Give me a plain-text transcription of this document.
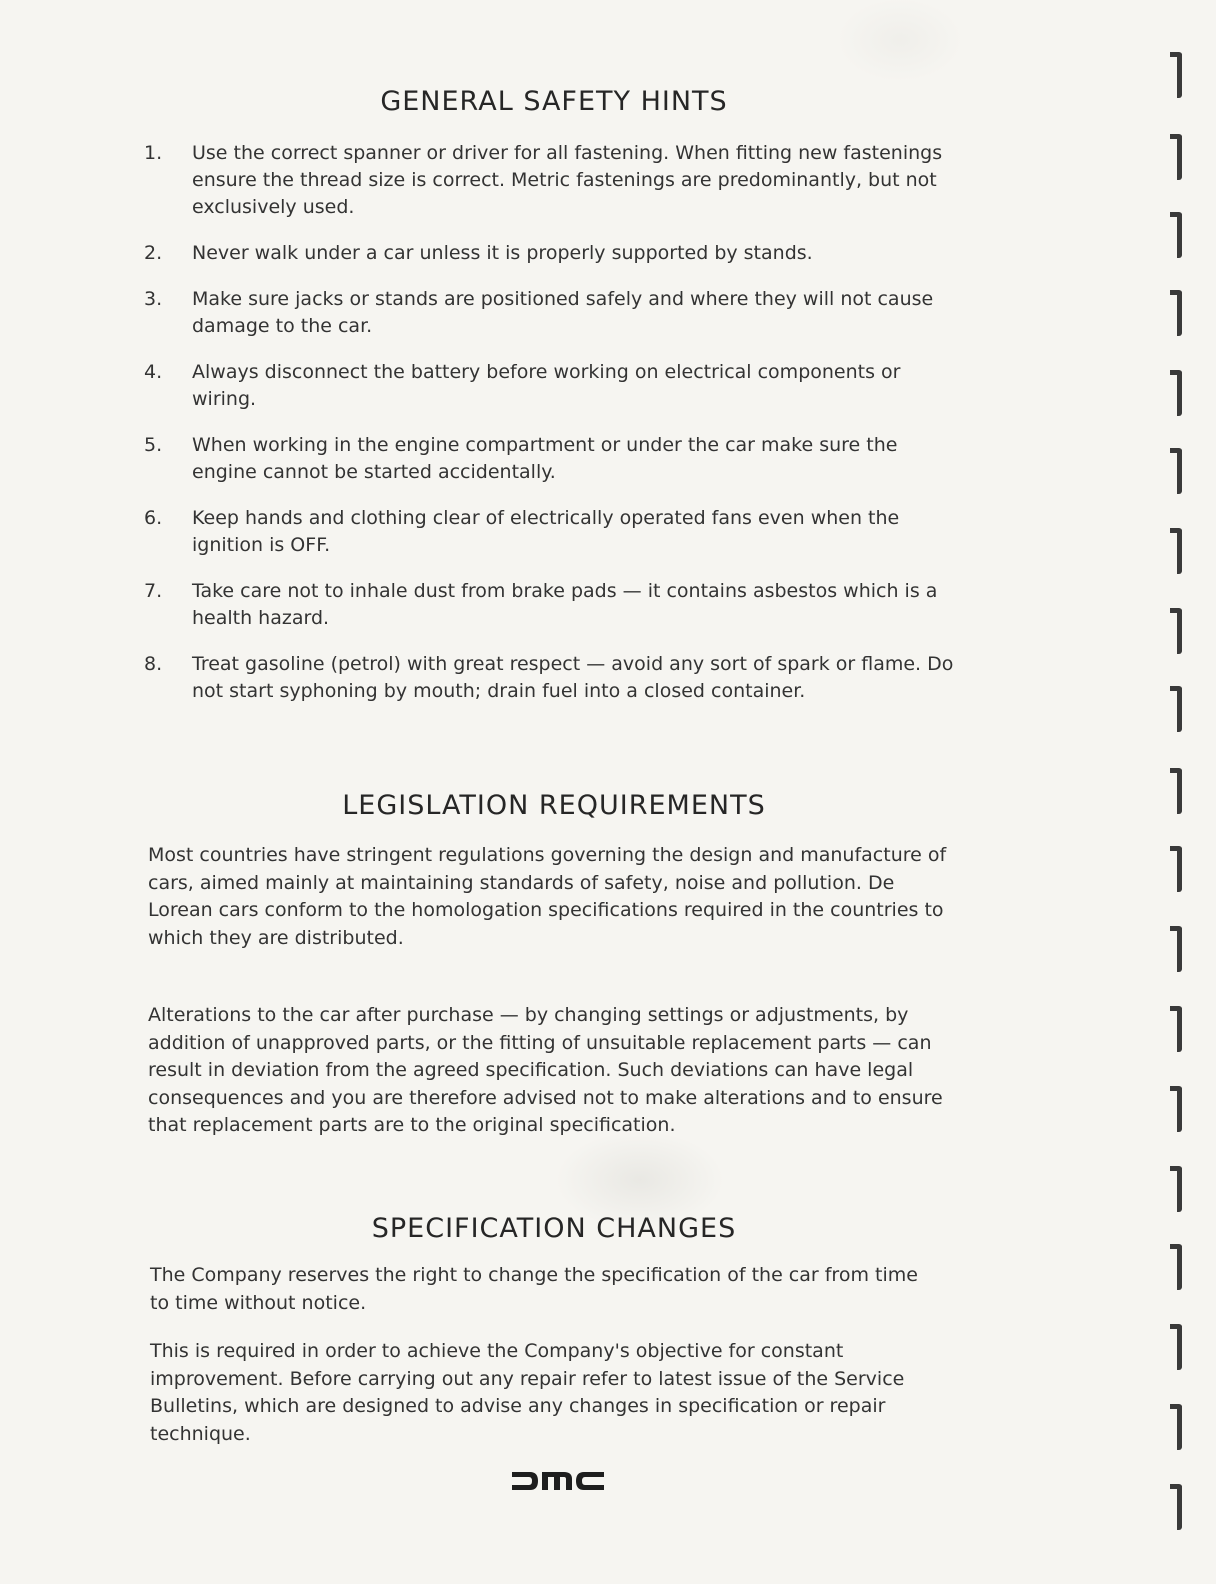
GENERAL SAFETY HINTS
1. Use the correct spanner or driver for all fastening. When fitting new fastenings ensure the thread size is correct. Metric fastenings are predominantly, but not exclusively used.
2. Never walk under a car unless it is properly supported by stands.
3. Make sure jacks or stands are positioned safely and where they will not cause damage to the car.
4. Always disconnect the battery before working on electrical components or wiring.
5. When working in the engine compartment or under the car make sure the engine cannot be started accidentally.
6. Keep hands and clothing clear of electrically operated fans even when the ignition is OFF.
7. Take care not to inhale dust from brake pads — it contains asbestos which is a health hazard.
8. Treat gasoline (petrol) with great respect — avoid any sort of spark or flame. Do not start syphoning by mouth; drain fuel into a closed container.
LEGISLATION REQUIREMENTS

Most countries have stringent regulations governing the design and manufacture of cars, aimed mainly at maintaining standards of safety, noise and pollution. De Lorean cars conform to the homologation specifications required in the countries to which they are distributed.

Alterations to the car after purchase — by changing settings or adjustments, by addition of unapproved parts, or the fitting of unsuitable replacement parts — can result in deviation from the agreed specification. Such deviations can have legal consequences and you are therefore advised not to make alterations and to ensure that replacement parts are to the original specification.

SPECIFICATION CHANGES

The Company reserves the right to change the specification of the car from time to time without notice.

This is required in order to achieve the Company's objective for constant improvement. Before carrying out any repair refer to latest issue of the Service Bulletins, which are designed to advise any changes in specification or repair technique.
